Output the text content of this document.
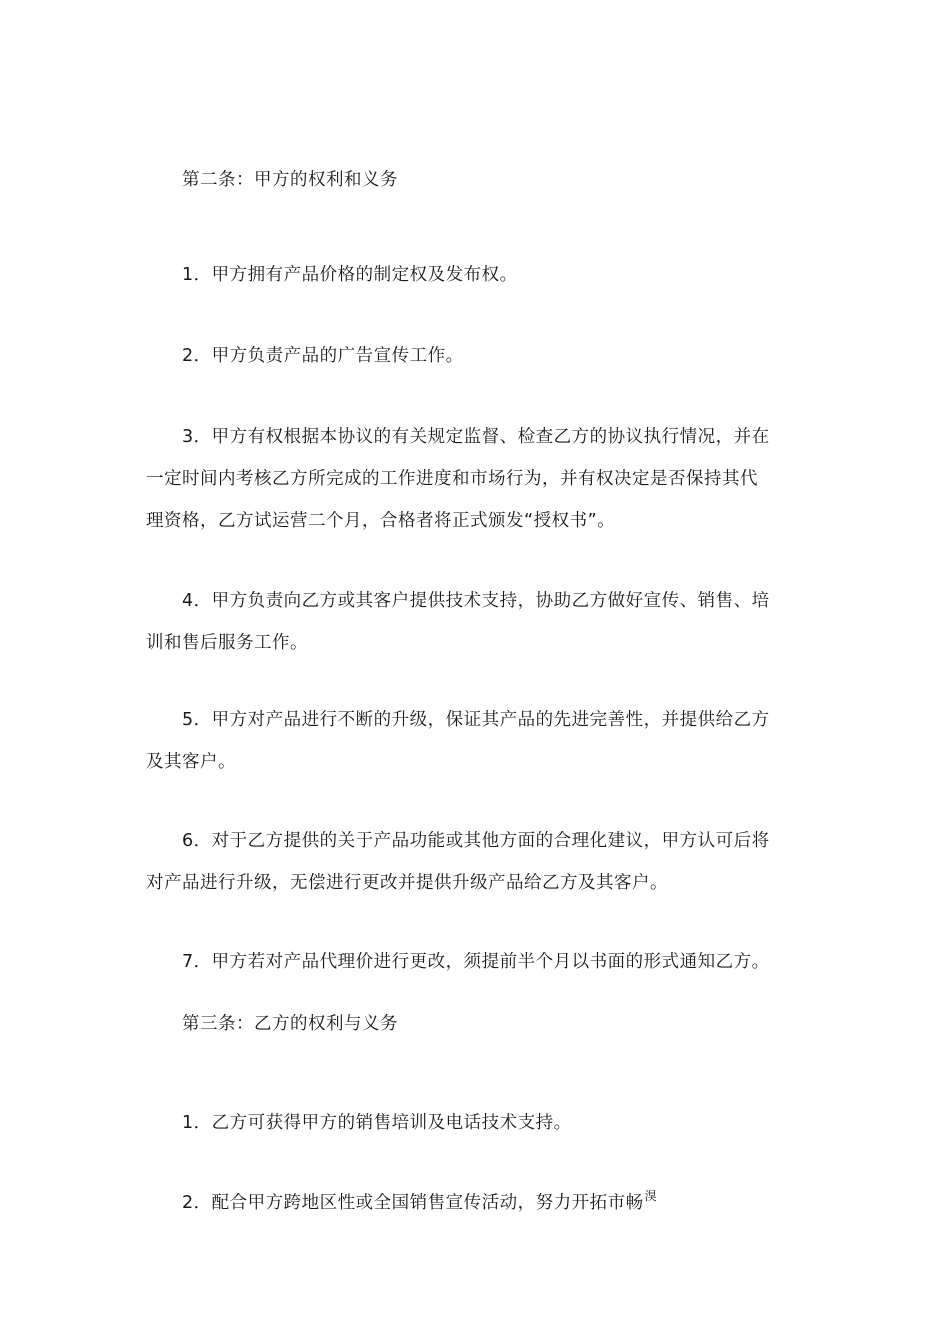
第二条：甲方的权利和义务

1．甲方拥有产品价格的制定权及发布权。

2．甲方负责产品的广告宣传工作。

3．甲方有权根据本协议的有关规定监督、检查乙方的协议执行情况，并在

一定时间内考核乙方所完成的工作进度和市场行为，并有权决定是否保持其代

理资格，乙方试运营二个月，合格者将正式颁发“授权书”。

4．甲方负责向乙方或其客户提供技术支持，协助乙方做好宣传、销售、培

训和售后服务工作。

5．甲方对产品进行不断的升级，保证其产品的先进完善性，并提供给乙方

及其客户。

6．对于乙方提供的关于产品功能或其他方面的合理化建议，甲方认可后将

对产品进行升级，无偿进行更改并提供升级产品给乙方及其客户。

7．甲方若对产品代理价进行更改，须提前半个月以书面的形式通知乙方。

第三条：乙方的权利与义务

1．乙方可获得甲方的销售培训及电话技术支持。

2．配合甲方跨地区性或全国销售宣传活动，努力开拓市畅湨
